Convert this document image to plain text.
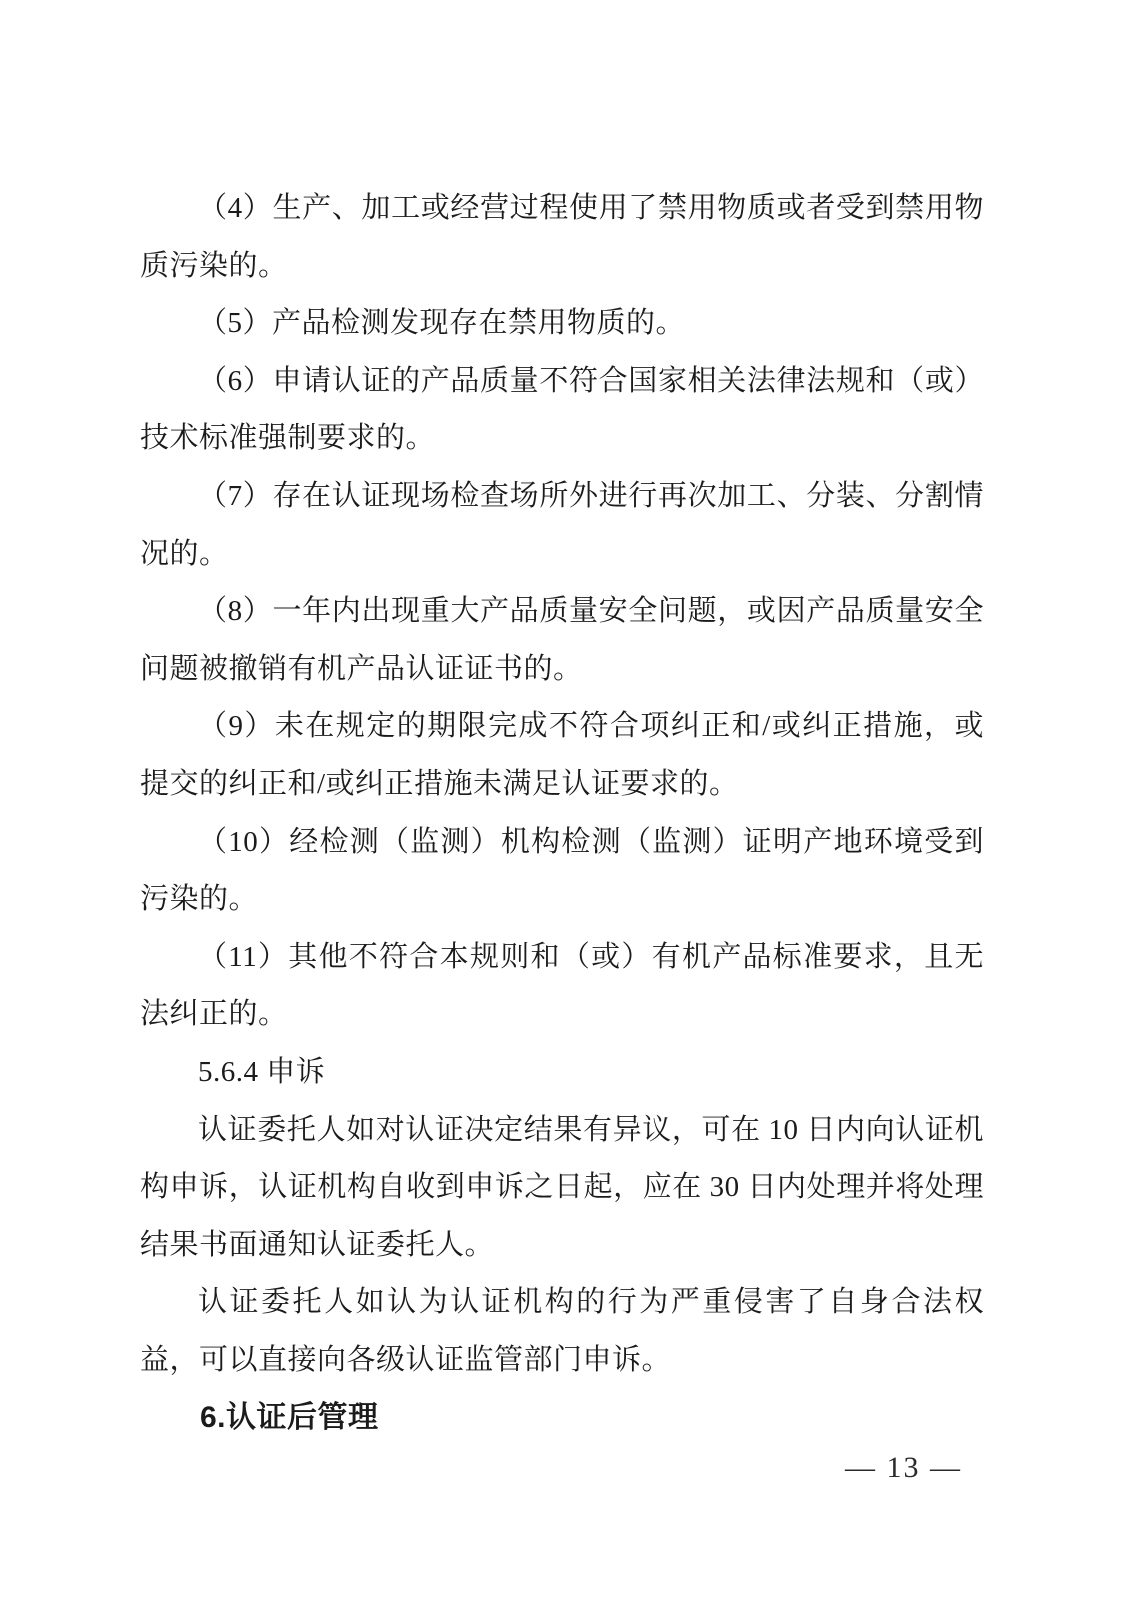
（4）生产、加工或经营过程使用了禁用物质或者受到禁用物质污染的。

（5）产品检测发现存在禁用物质的。

（6）申请认证的产品质量不符合国家相关法律法规和（或）技术标准强制要求的。

（7）存在认证现场检查场所外进行再次加工、分装、分割情况的。

（8）一年内出现重大产品质量安全问题，或因产品质量安全问题被撤销有机产品认证证书的。

（9）未在规定的期限完成不符合项纠正和/或纠正措施，或提交的纠正和/或纠正措施未满足认证要求的。

（10）经检测（监测）机构检测（监测）证明产地环境受到污染的。

（11）其他不符合本规则和（或）有机产品标准要求，且无法纠正的。

5.6.4 申诉

认证委托人如对认证决定结果有异议，可在 10 日内向认证机构申诉，认证机构自收到申诉之日起，应在 30 日内处理并将处理结果书面通知认证委托人。

认证委托人如认为认证机构的行为严重侵害了自身合法权益，可以直接向各级认证监管部门申诉。

6.认证后管理

— 13 —
